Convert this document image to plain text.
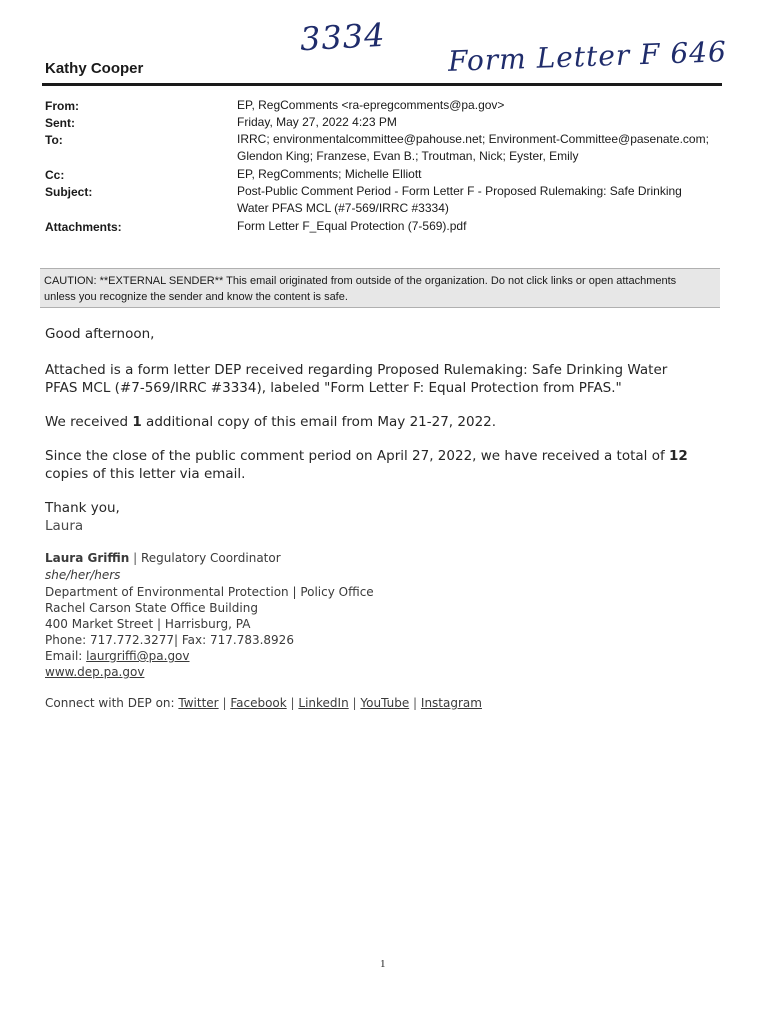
3334 Form Letter F 646
Kathy Cooper
From:	EP, RegComments <ra-epregcomments@pa.gov>
Sent:	Friday, May 27, 2022 4:23 PM
To:	IRRC; environmentalcommittee@pahouse.net; Environment-Committee@pasenate.com;
Glendon King; Franzese, Evan B.; Troutman, Nick; Eyster, Emily
Cc:	EP, RegComments; Michelle Elliott
Subject:	Post-Public Comment Period - Form Letter F - Proposed Rulemaking: Safe Drinking
Water PFAS MCL (#7-569/IRRC #3334)
Attachments:	Form Letter F_Equal Protection (7-569).pdf
CAUTION: **EXTERNAL SENDER** This email originated from outside of the organization. Do not click links or open attachments
unless you recognize the sender and know the content is safe.
Good afternoon,
Attached is a form letter DEP received regarding Proposed Rulemaking: Safe Drinking Water
PFAS MCL (#7-569/IRRC #3334), labeled "Form Letter F: Equal Protection from PFAS."
We received 1 additional copy of this email from May 21-27, 2022.
Since the close of the public comment period on April 27, 2022, we have received a total of 12
copies of this letter via email.
Thank you,
Laura
Laura Griffin | Regulatory Coordinator
she/her/hers
Department of Environmental Protection | Policy Office
Rachel Carson State Office Building
400 Market Street | Harrisburg, PA
Phone: 717.772.3277| Fax: 717.783.8926
Email: laurgriffi@pa.gov
www.dep.pa.gov
Connect with DEP on: Twitter | Facebook | LinkedIn | YouTube | Instagram
1
